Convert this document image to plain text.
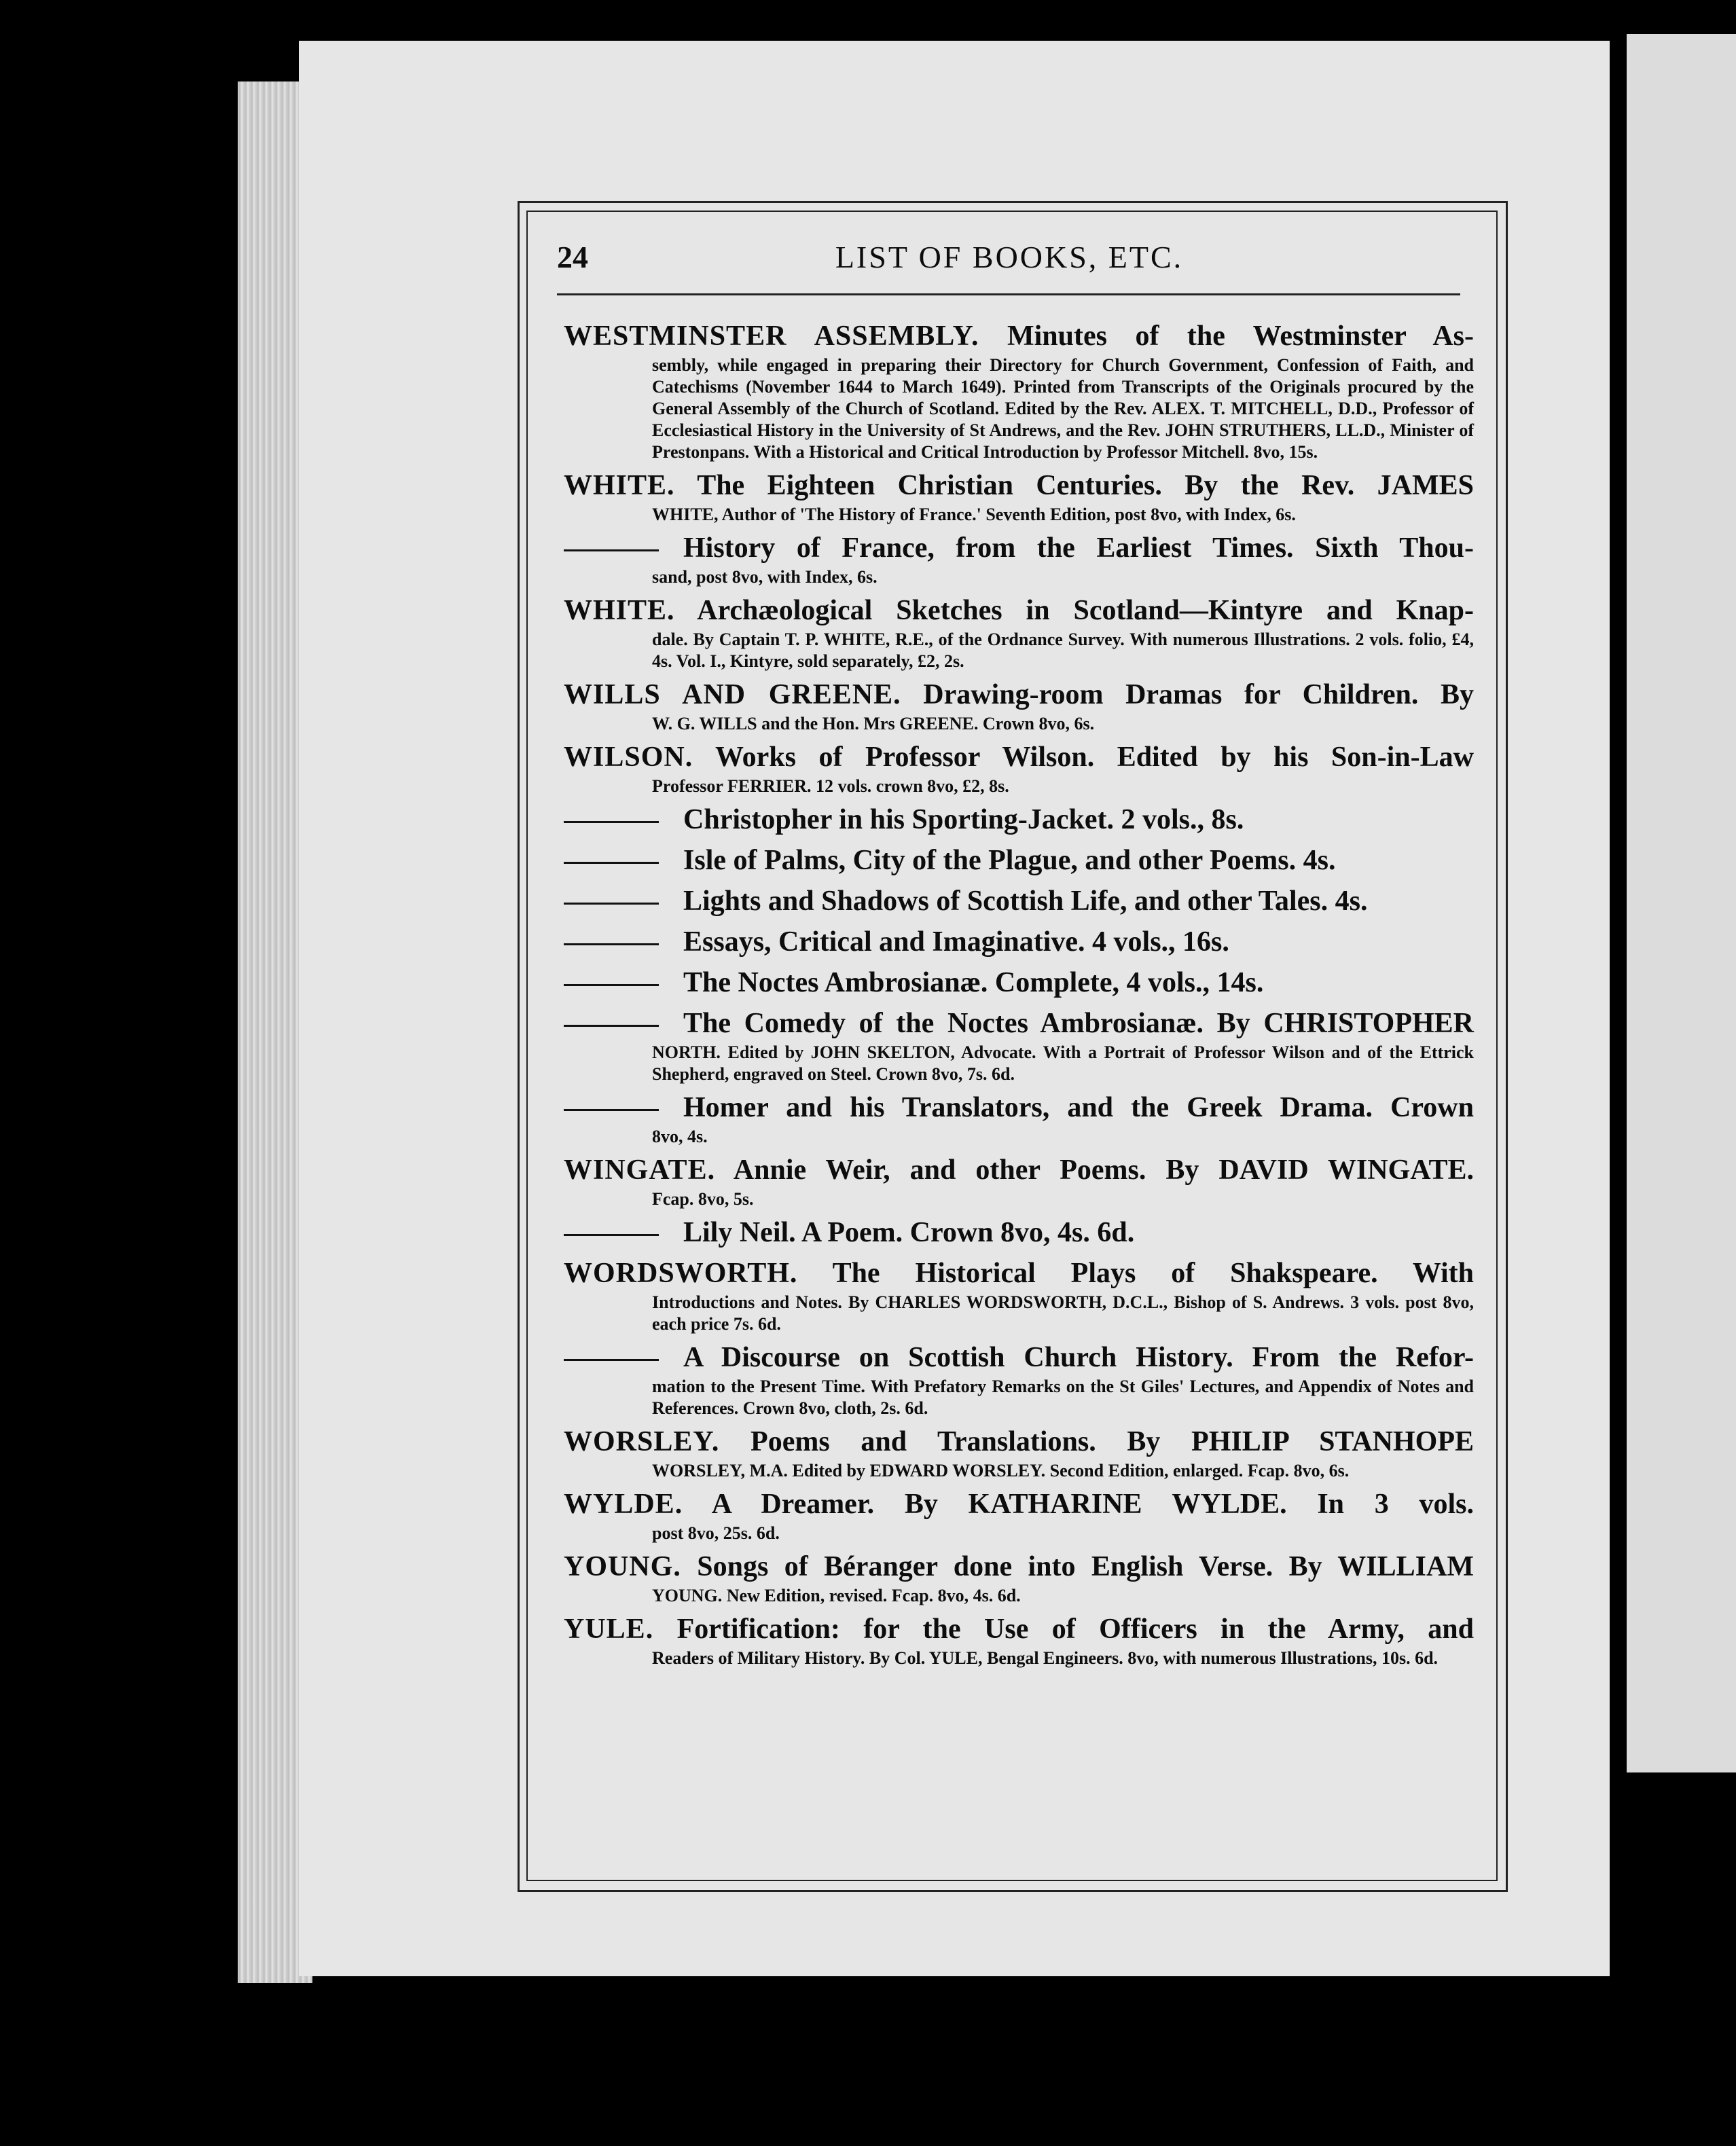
24	LIST OF BOOKS, ETC.
WESTMINSTER ASSEMBLY. Minutes of the Westminster As-
sembly, while engaged in preparing their Directory for Church Government, Confession of Faith, and Catechisms (November 1644 to March 1649). Printed from Transcripts of the Originals procured by the General Assembly of the Church of Scotland. Edited by the Rev. ALEX. T. MITCHELL, D.D., Professor of Ecclesiastical History in the University of St Andrews, and the Rev. JOHN STRUTHERS, LL.D., Minister of Prestonpans. With a Historical and Critical Introduction by Professor Mitchell. 8vo, 15s.
WHITE. The Eighteen Christian Centuries. By the Rev. JAMES
WHITE, Author of 'The History of France.' Seventh Edition, post 8vo, with Index, 6s.
History of France, from the Earliest Times. Sixth Thou-
sand, post 8vo, with Index, 6s.
WHITE. Archæological Sketches in Scotland—Kintyre and Knap-
dale. By Captain T. P. WHITE, R.E., of the Ordnance Survey. With numerous Illustrations. 2 vols. folio, £4, 4s. Vol. I., Kintyre, sold separately, £2, 2s.
WILLS AND GREENE. Drawing-room Dramas for Children. By
W. G. WILLS and the Hon. Mrs GREENE. Crown 8vo, 6s.
WILSON. Works of Professor Wilson. Edited by his Son-in-Law
Professor FERRIER. 12 vols. crown 8vo, £2, 8s.
Christopher in his Sporting-Jacket. 2 vols., 8s.
Isle of Palms, City of the Plague, and other Poems. 4s.
Lights and Shadows of Scottish Life, and other Tales. 4s.
Essays, Critical and Imaginative. 4 vols., 16s.
The Noctes Ambrosianæ. Complete, 4 vols., 14s.
The Comedy of the Noctes Ambrosianæ. By CHRISTOPHER
NORTH. Edited by JOHN SKELTON, Advocate. With a Portrait of Professor Wilson and of the Ettrick Shepherd, engraved on Steel. Crown 8vo, 7s. 6d.
Homer and his Translators, and the Greek Drama. Crown
8vo, 4s.
WINGATE. Annie Weir, and other Poems. By DAVID WINGATE.
Fcap. 8vo, 5s.
Lily Neil. A Poem. Crown 8vo, 4s. 6d.
WORDSWORTH. The Historical Plays of Shakspeare. With
Introductions and Notes. By CHARLES WORDSWORTH, D.C.L., Bishop of S. Andrews. 3 vols. post 8vo, each price 7s. 6d.
A Discourse on Scottish Church History. From the Refor-
mation to the Present Time. With Prefatory Remarks on the St Giles' Lectures, and Appendix of Notes and References. Crown 8vo, cloth, 2s. 6d.
WORSLEY. Poems and Translations. By PHILIP STANHOPE
WORSLEY, M.A. Edited by EDWARD WORSLEY. Second Edition, enlarged. Fcap. 8vo, 6s.
WYLDE. A Dreamer. By KATHARINE WYLDE. In 3 vols.
post 8vo, 25s. 6d.
YOUNG. Songs of Béranger done into English Verse. By WILLIAM
YOUNG. New Edition, revised. Fcap. 8vo, 4s. 6d.
YULE. Fortification: for the Use of Officers in the Army, and
Readers of Military History. By Col. YULE, Bengal Engineers. 8vo, with numerous Illustrations, 10s. 6d.
